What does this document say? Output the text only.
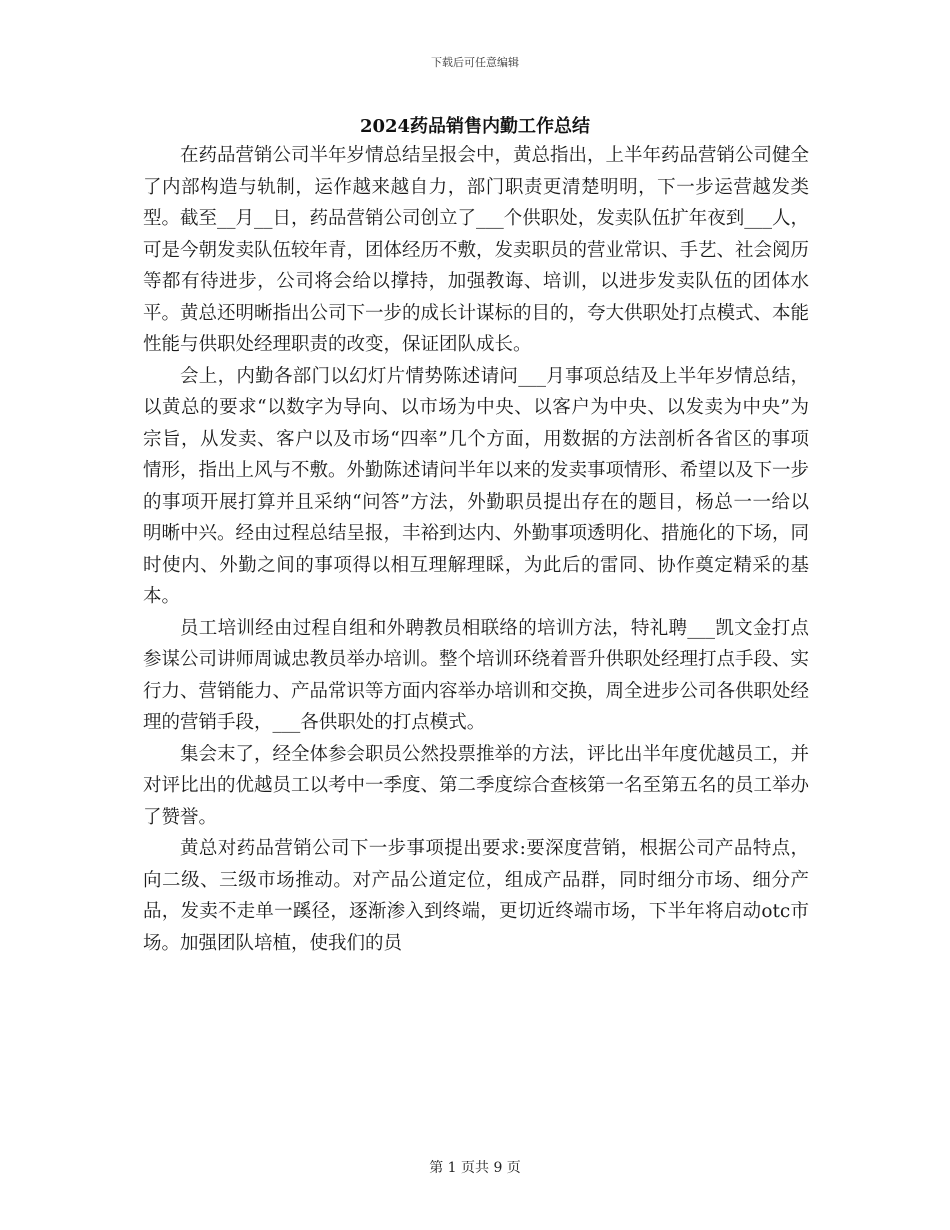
下载后可任意编辑
2024药品销售内勤工作总结

在药品营销公司半年岁情总结呈报会中，黄总指出，上半年药品营销公司健全了内部构造与轨制，运作越来越自力，部门职责更清楚明明，下一步运营越发类型。截至__月__日，药品营销公司创立了___个供职处，发卖队伍扩年夜到___人，可是今朝发卖队伍较年青，团体经历不敷，发卖职员的营业常识、手艺、社会阅历等都有待进步，公司将会给以撑持，加强教诲、培训，以进步发卖队伍的团体水平。黄总还明晰指出公司下一步的成长计谋标的目的，夸大供职处打点模式、本能性能与供职处经理职责的改变，保证团队成长。

会上，内勤各部门以幻灯片情势陈述请问___月事项总结及上半年岁情总结，以黄总的要求“以数字为导向、以市场为中央、以客户为中央、以发卖为中央”为宗旨，从发卖、客户以及市场“四率”几个方面，用数据的方法剖析各省区的事项情形，指出上风与不敷。外勤陈述请问半年以来的发卖事项情形、希望以及下一步的事项开展打算并且采纳“问答”方法，外勤职员提出存在的题目，杨总一一给以明晰中兴。经由过程总结呈报，丰裕到达内、外勤事项透明化、措施化的下场，同时使内、外勤之间的事项得以相互理解理睬，为此后的雷同、协作奠定精采的基本。

员工培训经由过程自组和外聘教员相联络的培训方法，特礼聘___凯文金打点参谋公司讲师周诚忠教员举办培训。整个培训环绕着晋升供职处经理打点手段、实行力、营销能力、产品常识等方面内容举办培训和交换，周全进步公司各供职处经理的营销手段，___各供职处的打点模式。

集会末了，经全体参会职员公然投票推举的方法，评比出半年度优越员工，并对评比出的优越员工以考中一季度、第二季度综合查核第一名至第五名的员工举办了赞誉。

黄总对药品营销公司下一步事项提出要求:要深度营销，根据公司产品特点，向二级、三级市场推动。对产品公道定位，组成产品群，同时细分市场、细分产品，发卖不走单一蹊径，逐渐渗入到终端，更切近终端市场，下半年将启动otc市场。加强团队培植，使我们的员

第 1 页共 9 页
